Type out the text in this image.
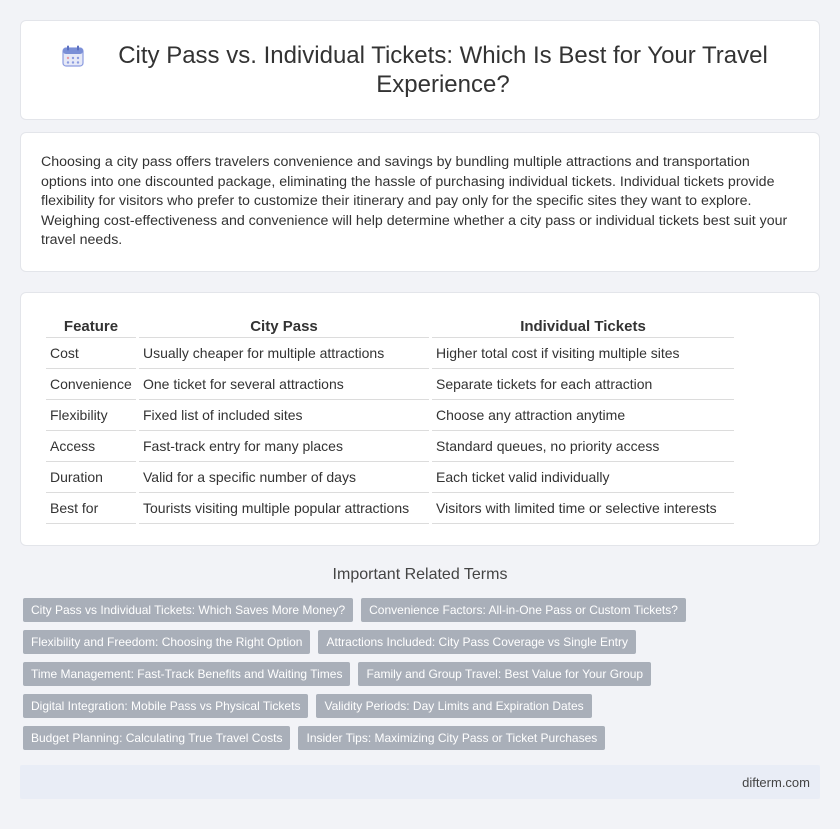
City Pass vs. Individual Tickets: Which Is Best for Your Travel Experience?

Choosing a city pass offers travelers convenience and savings by bundling multiple attractions and transportation options into one discounted package, eliminating the hassle of purchasing individual tickets. Individual tickets provide flexibility for visitors who prefer to customize their itinerary and pay only for the specific sites they want to explore. Weighing cost-effectiveness and convenience will help determine whether a city pass or individual tickets best suit your travel needs.

Feature	City Pass	Individual Tickets
Cost	Usually cheaper for multiple attractions	Higher total cost if visiting multiple sites
Convenience	One ticket for several attractions	Separate tickets for each attraction
Flexibility	Fixed list of included sites	Choose any attraction anytime
Access	Fast-track entry for many places	Standard queues, no priority access
Duration	Valid for a specific number of days	Each ticket valid individually
Best for	Tourists visiting multiple popular attractions	Visitors with limited time or selective interests
Important Related Terms
City Pass vs Individual Tickets: Which Saves More Money?	Convenience Factors: All-in-One Pass or Custom Tickets?
Flexibility and Freedom: Choosing the Right Option	Attractions Included: City Pass Coverage vs Single Entry
Time Management: Fast-Track Benefits and Waiting Times	Family and Group Travel: Best Value for Your Group
Digital Integration: Mobile Pass vs Physical Tickets	Validity Periods: Day Limits and Expiration Dates
Budget Planning: Calculating True Travel Costs	Insider Tips: Maximizing City Pass or Ticket Purchases
difterm.com
